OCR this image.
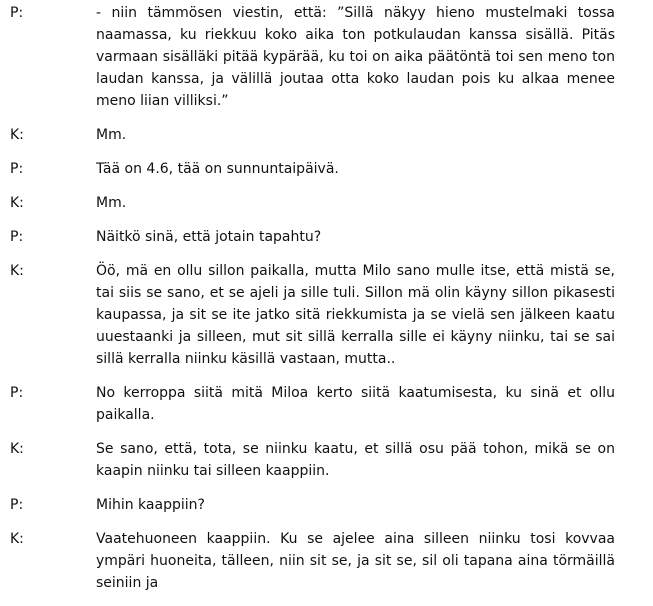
P:	- niin tämmösen viestin, että: ”Sillä näkyy hieno mustelmaki tossa naamassa, ku riekkuu koko aika ton potkulaudan kanssa sisällä. Pitäs varmaan sisälläki pitää kypärää, ku toi on aika päätöntä toi sen meno ton laudan kanssa, ja välillä joutaa otta koko laudan pois ku alkaa menee meno liian villiksi.”
K:	Mm.
P:	Tää on 4.6, tää on sunnuntaipäivä.
K:	Mm.
P:	Näitkö sinä, että jotain tapahtu?
K:	Öö, mä en ollu sillon paikalla, mutta Milo sano mulle itse, että mistä se, tai siis se sano, et se ajeli ja sille tuli. Sillon mä olin käyny sillon pikasesti kaupassa, ja sit se ite jatko sitä riekkumista ja se vielä sen jälkeen kaatu uuestaanki ja silleen, mut sit sillä kerralla sille ei käyny niinku, tai se sai sillä kerralla niinku käsillä vastaan, mutta..
P:	No kerroppa siitä mitä Miloa kerto siitä kaatumisesta, ku sinä et ollu paikalla.
K:	Se sano, että, tota, se niinku kaatu, et sillä osu pää tohon, mikä se on kaapin niinku tai silleen kaappiin.
P:	Mihin kaappiin?
K:	Vaatehuoneen kaappiin. Ku se ajelee aina silleen niinku tosi kovvaa ympäri huoneita, tälleen, niin sit se, ja sit se, sil oli tapana aina törmäillä seiniin ja
